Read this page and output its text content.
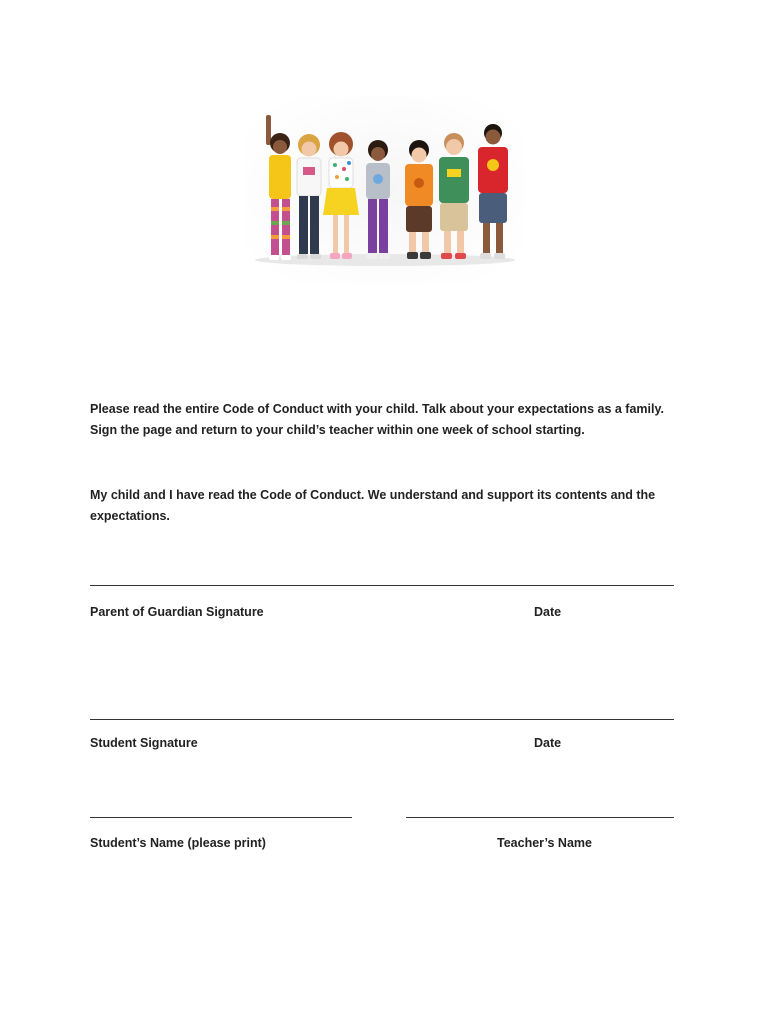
Please read the entire Code of Conduct with your child. Talk about your expectations as a family. Sign the page and return to your child’s teacher within one week of school starting.

My child and I have read the Code of Conduct. We understand and support its contents and the expectations.

Parent of Guardian Signature	Date
Student Signature	Date
Student’s Name (please print)	Teacher’s Name
